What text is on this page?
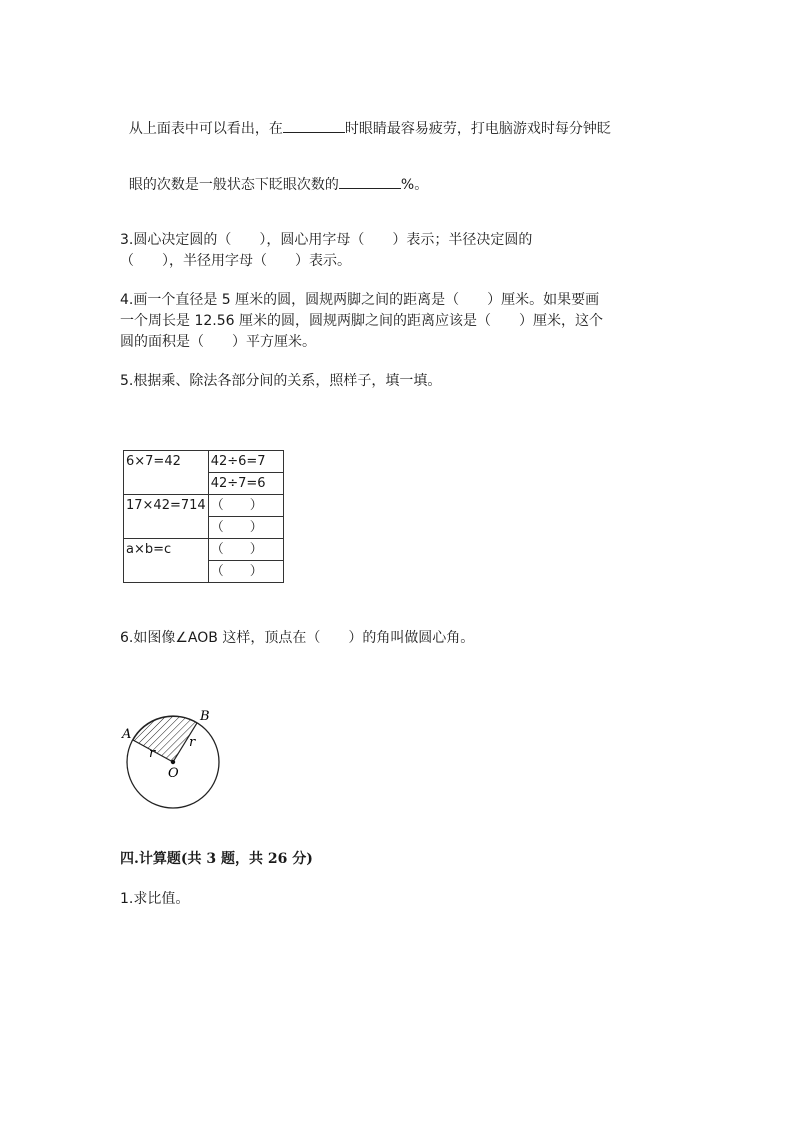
从上面表中可以看出，在	时眼睛最容易疲劳，打电脑游戏时每分钟眨

眼的次数是一般状态下眨眼次数的	%。

3.圆心决定圆的（　　），圆心用字母（　　）表示；半径决定圆的
（　　），半径用字母（　　）表示。
4.画一个直径是 5 厘米的圆，圆规两脚之间的距离是（　　）厘米。如果要画
一个周长是 12.56 厘米的圆，圆规两脚之间的距离应该是（　　）厘米，这个
圆的面积是（　　）平方厘米。
5.根据乘、除法各部分间的关系，照样子，填一填。
6×7=42	42÷6=7
	42÷7=6
17×42=714	（　　）
	（　　）
a×b=c	（　　）
	（　　）
6.如图像∠AOB 这样，顶点在（　　）的角叫做圆心角。
A
B
O
r
r
四.计算题(共 3 题，共 26 分)
1.求比值。
